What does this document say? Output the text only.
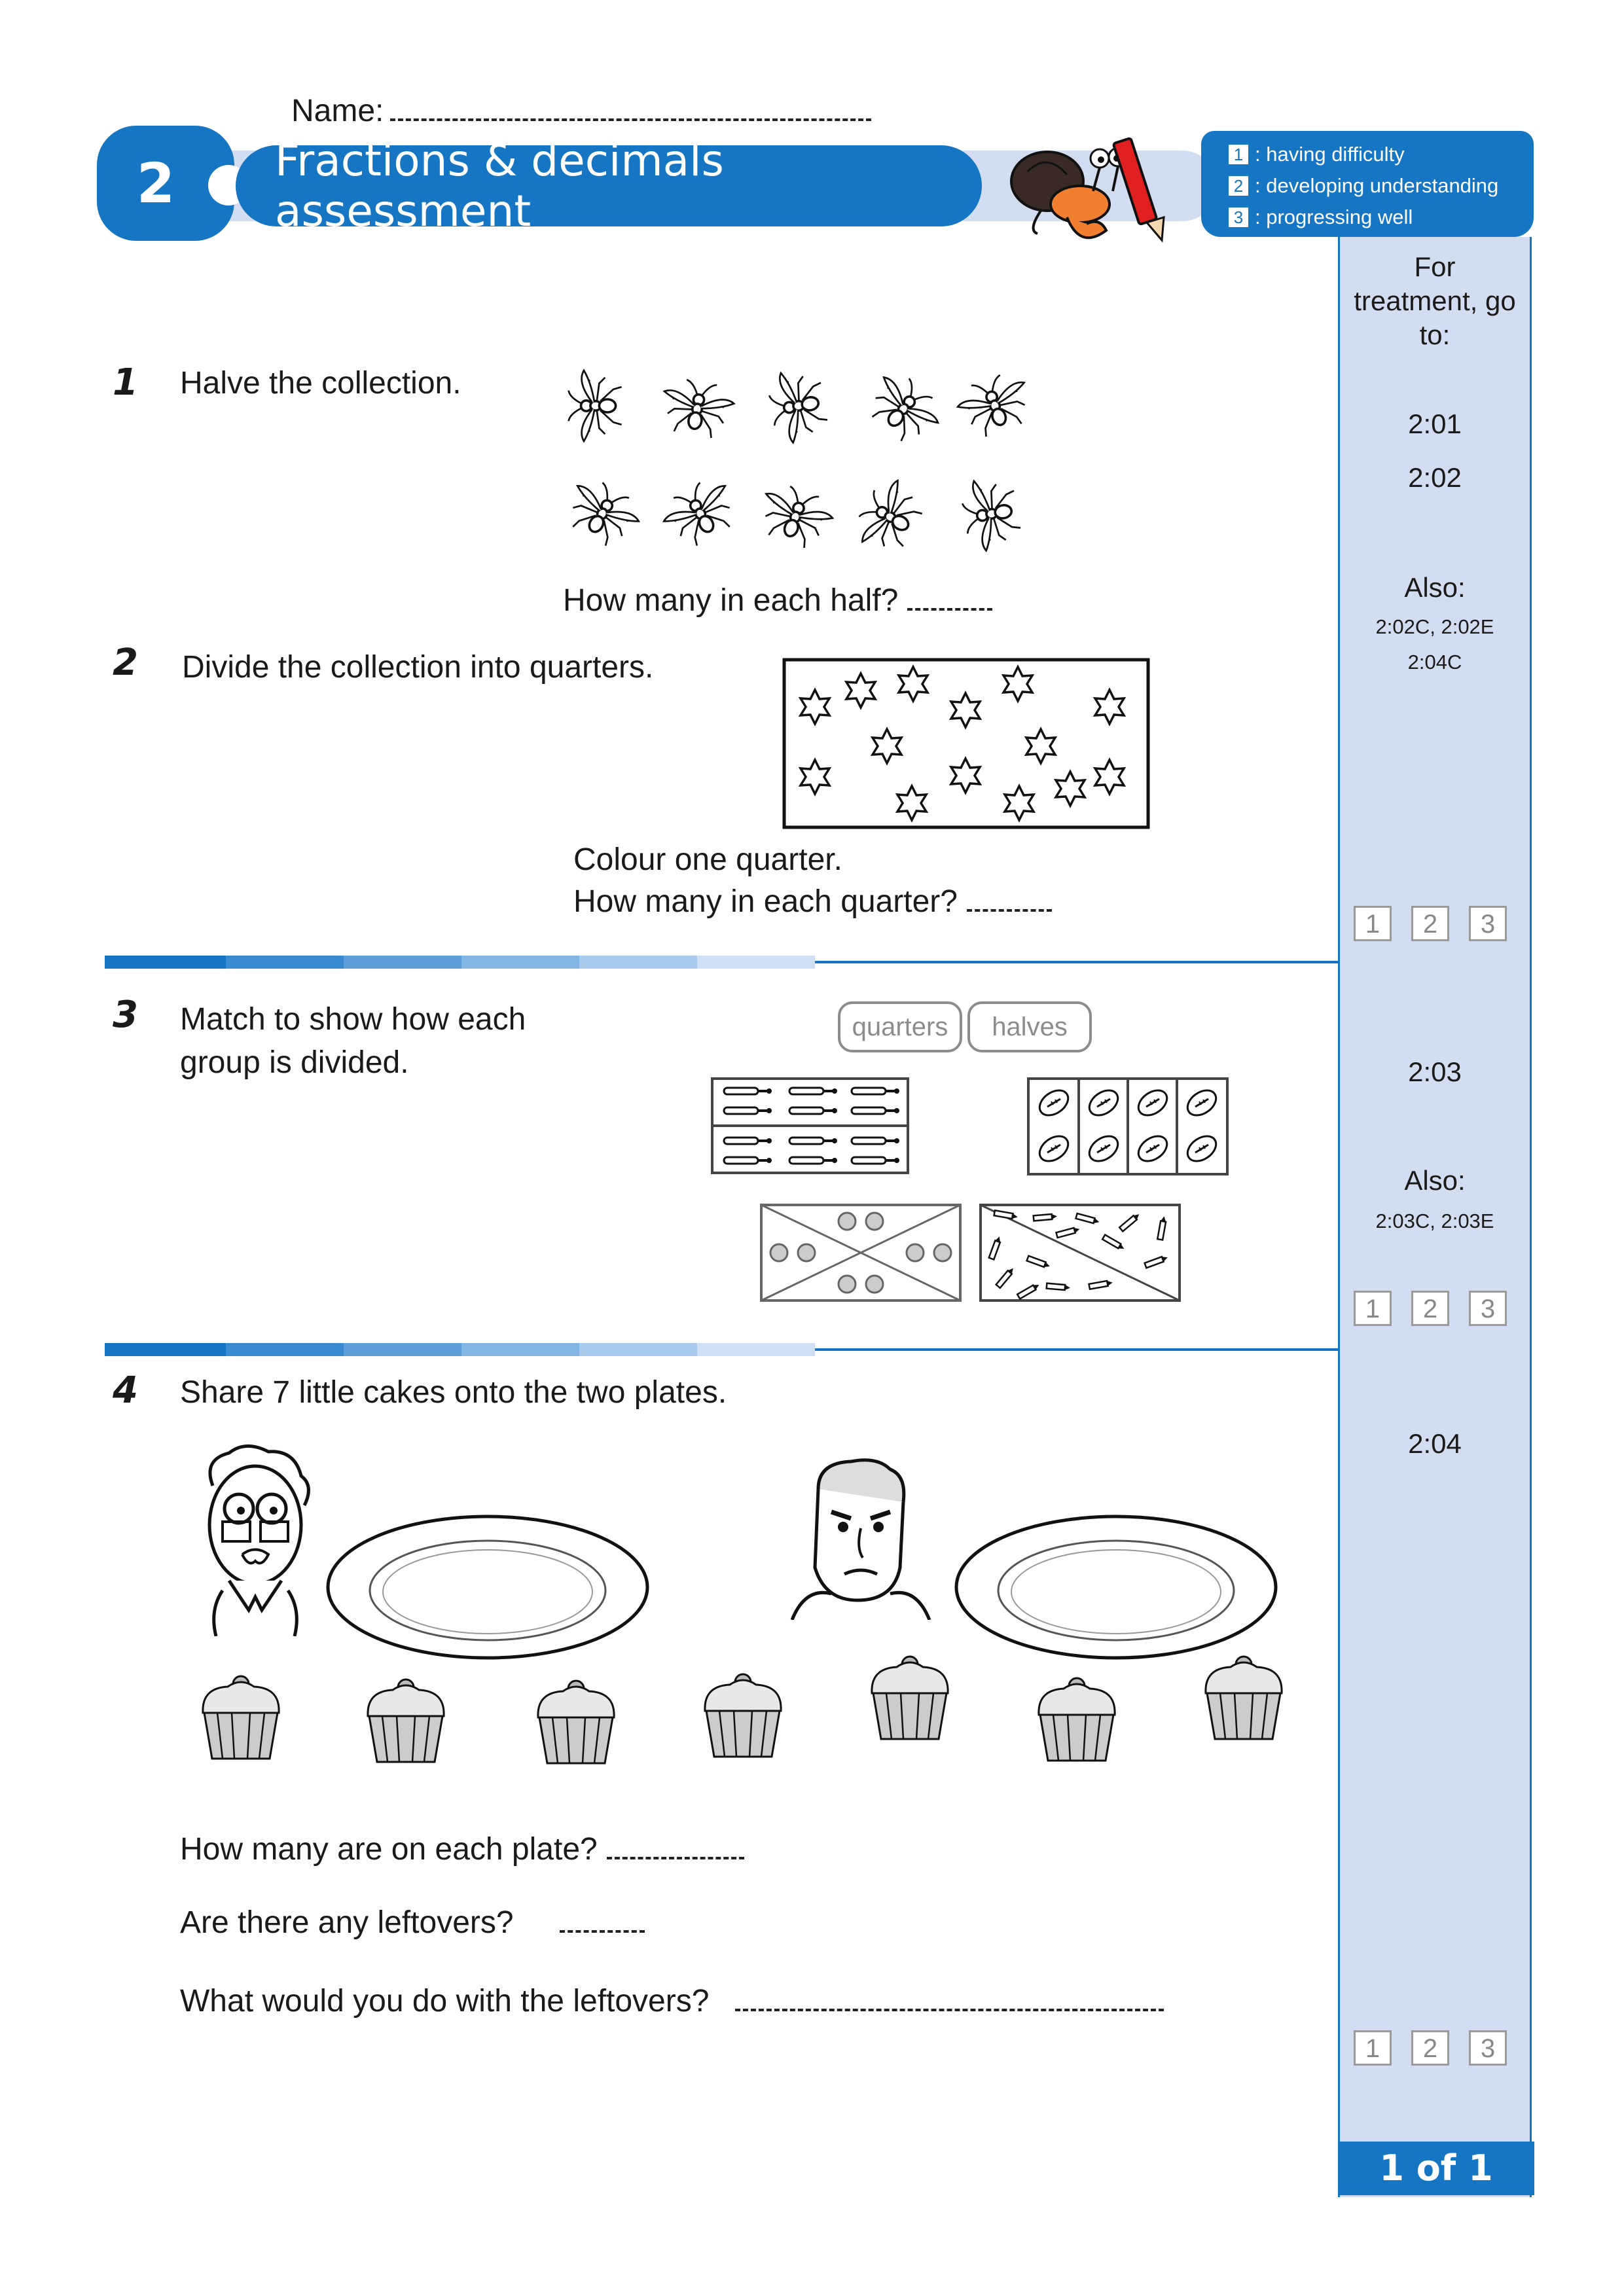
Name:
2 Fractions & decimals assessment
1 : having difficulty
2 : developing understanding
3 : progressing well
For treatment, go to:
2:01
2:02
Also:
2:02C, 2:02E
2:04C
1	2	3
2:03
Also:
2:03C, 2:03E
1	2	3
2:04
1	2	3
1 of 1
1 Halve the collection.
How many in each half?
2 Divide the collection into quarters.
Colour one quarter.
How many in each quarter?
3 Match to show how each
group is divided.
quarters	halves
4 Share 7 little cakes onto the two plates.
How many are on each plate?
Are there any leftovers?
What would you do with the leftovers?
